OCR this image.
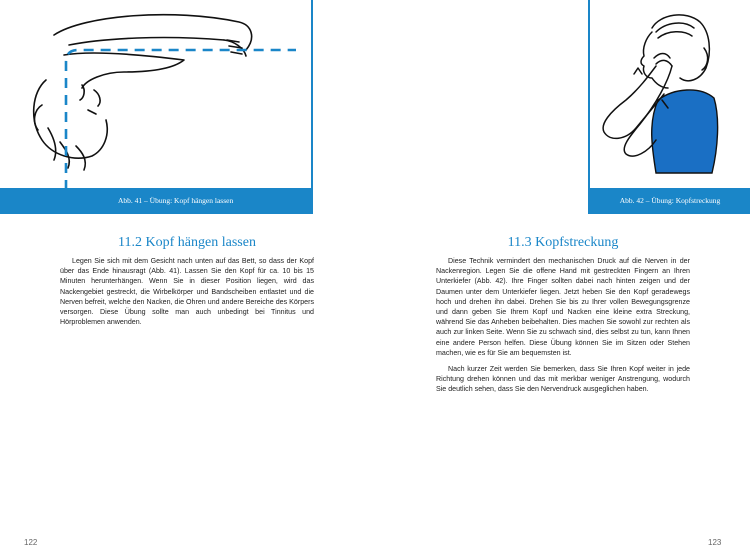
Abb. 41 – Übung: Kopf hängen lassen	Abb. 42 – Übung: Kopfstreckung
11.2 Kopf hängen lassen

Legen Sie sich mit dem Gesicht nach unten auf das Bett, so dass der Kopf über das Ende hinausragt (Abb. 41). Lassen Sie den Kopf für ca. 10 bis 15 Minuten herunterhängen. Wenn Sie in dieser Position liegen, wird das Nackengebiet gestreckt, die Wirbelkörper und Bandscheiben entlastet und die Nerven befreit, welche den Nacken, die Ohren und andere Bereiche des Körpers versorgen. Diese Übung sollte man auch unbedingt bei Tinnitus und Hörproblemen anwenden.

122
11.3 Kopfstreckung

Diese Technik vermindert den mechanischen Druck auf die Nerven in der Nackenregion. Legen Sie die offene Hand mit gestreckten Fingern an Ihren Unterkiefer (Abb. 42). Ihre Finger sollten dabei nach hinten zeigen und der Daumen unter dem Unterkiefer liegen. Jetzt heben Sie den Kopf geradewegs hoch und drehen ihn dabei. Drehen Sie bis zu Ihrer vollen Bewegungsgrenze und dann geben Sie Ihrem Kopf und Nacken eine kleine extra Streckung, während Sie das Anheben beibehalten. Dies machen Sie sowohl zur rechten als auch zur linken Seite. Wenn Sie zu schwach sind, dies selbst zu tun, kann Ihnen eine andere Person helfen. Diese Übung können Sie im Sitzen oder Stehen machen, wie es für Sie am bequemsten ist.

Nach kurzer Zeit werden Sie bemerken, dass Sie Ihren Kopf weiter in jede Richtung drehen können und das mit merkbar weniger Anstrengung, wodurch Sie deutlich sehen, dass Sie den Nervendruck ausgeglichen haben.

123
